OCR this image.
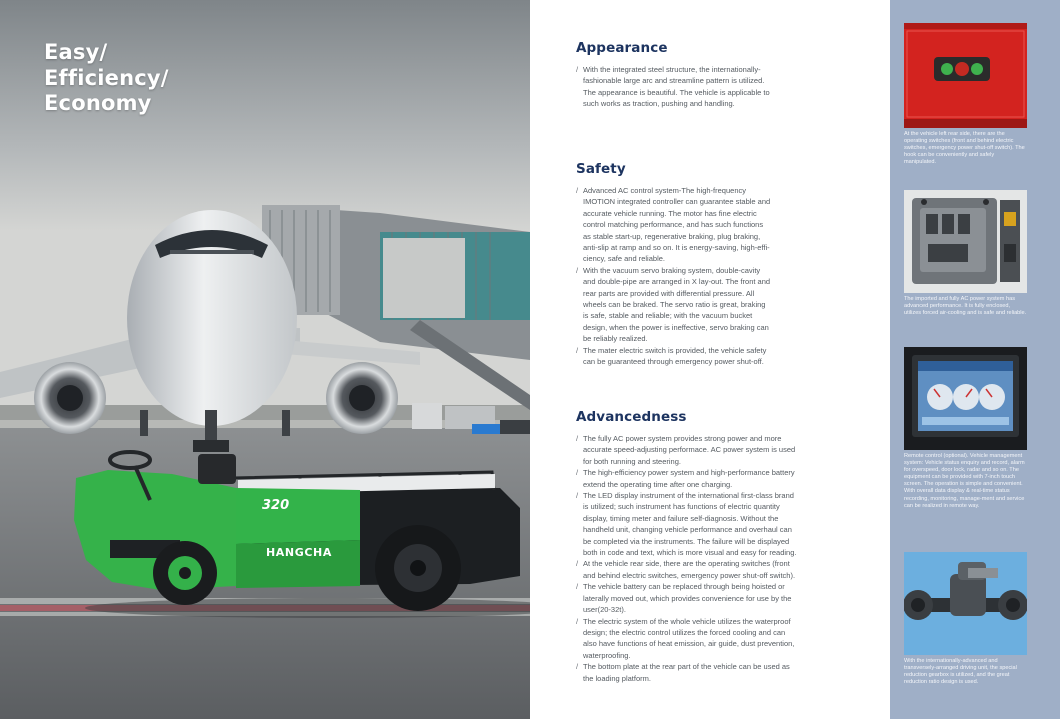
320
HANGCHA
Easy/
Efficiency/
Economy
Appearance
/ With the integrated steel structure, the internationally-fashionable large arc and streamline pattern is utilized. The appearance is beautiful. The vehicle is applicable to such works as traction, pushing and handling.
Safety
/ Advanced AC control system-The high-frequency IMOTION integrated controller can guarantee stable and accurate vehicle running. The motor has fine electric control matching performance, and has such functions as stable start-up, regenerative braking, plug braking, anti-slip at ramp and so on. It is energy-saving, high-effi-ciency, safe and reliable.
/ With the vacuum servo braking system, double-cavity and double-pipe are arranged in X lay-out. The front and rear parts are provided with differential pressure. All wheels can be braked. The servo ratio is great, braking is safe, stable and reliable; with the vacuum bucket design, when the power is ineffective, servo braking can be reliably realized.
/ The mater electric switch is provided, the vehicle safety can be guaranteed through emergency power shut-off.
Advancedness
/ The fully AC power system provides strong power and more accurate speed-adjusting performace. AC power system is used for both running and steering.
/ The high-efficiency power system and high-performance battery extend the operating time after one charging.
/ The LED display instrument of the international first-class brand is utilized; such instrument has functions of electric quantity display, timing meter and failure self-diagnosis. Without the handheld unit, changing vehicle performance and overhaul can be completed via the instruments. The failure will be displayed both in code and text, which is more visual and easy for reading.
/ At the vehicle rear side, there are the operating switches (front and behind electric switches, emergency power shut-off switch).
/ The vehicle battery can be replaced through being hoisted or laterally moved out, which provides convenience for use by the user(20-32t).
/ The electric system of the whole vehicle utilizes the waterproof design; the electric control utilizes the forced cooling and can also have functions of heat emission, air guide, dust prevention, waterproofing.
/ The bottom plate at the rear part of the vehicle can be used as the loading platform.
At the vehicle left rear side, there are the operating switches (front and behind electric switches, emergency power shut-off switch). The hook can be conveniently and safely manipulated.
The imported and fully AC power system has advanced performance. It is fully enclosed, utilizes forced air-cooling and is safe and reliable.
Remote control (optional). Vehicle management system: Vehicle status enquiry and record, alarm for overspeed, door lock, radar and so on. The equipment can be provided with 7-inch touch screen. The operation is simple and convenient. With overall data display & real-time status recording, monitoring, manage-ment and service can be realized in remote way.
With the internationally-advanced and transversely-arranged driving unit, the special reduction gearbox is utilized, and the great reduction ratio design is used.
